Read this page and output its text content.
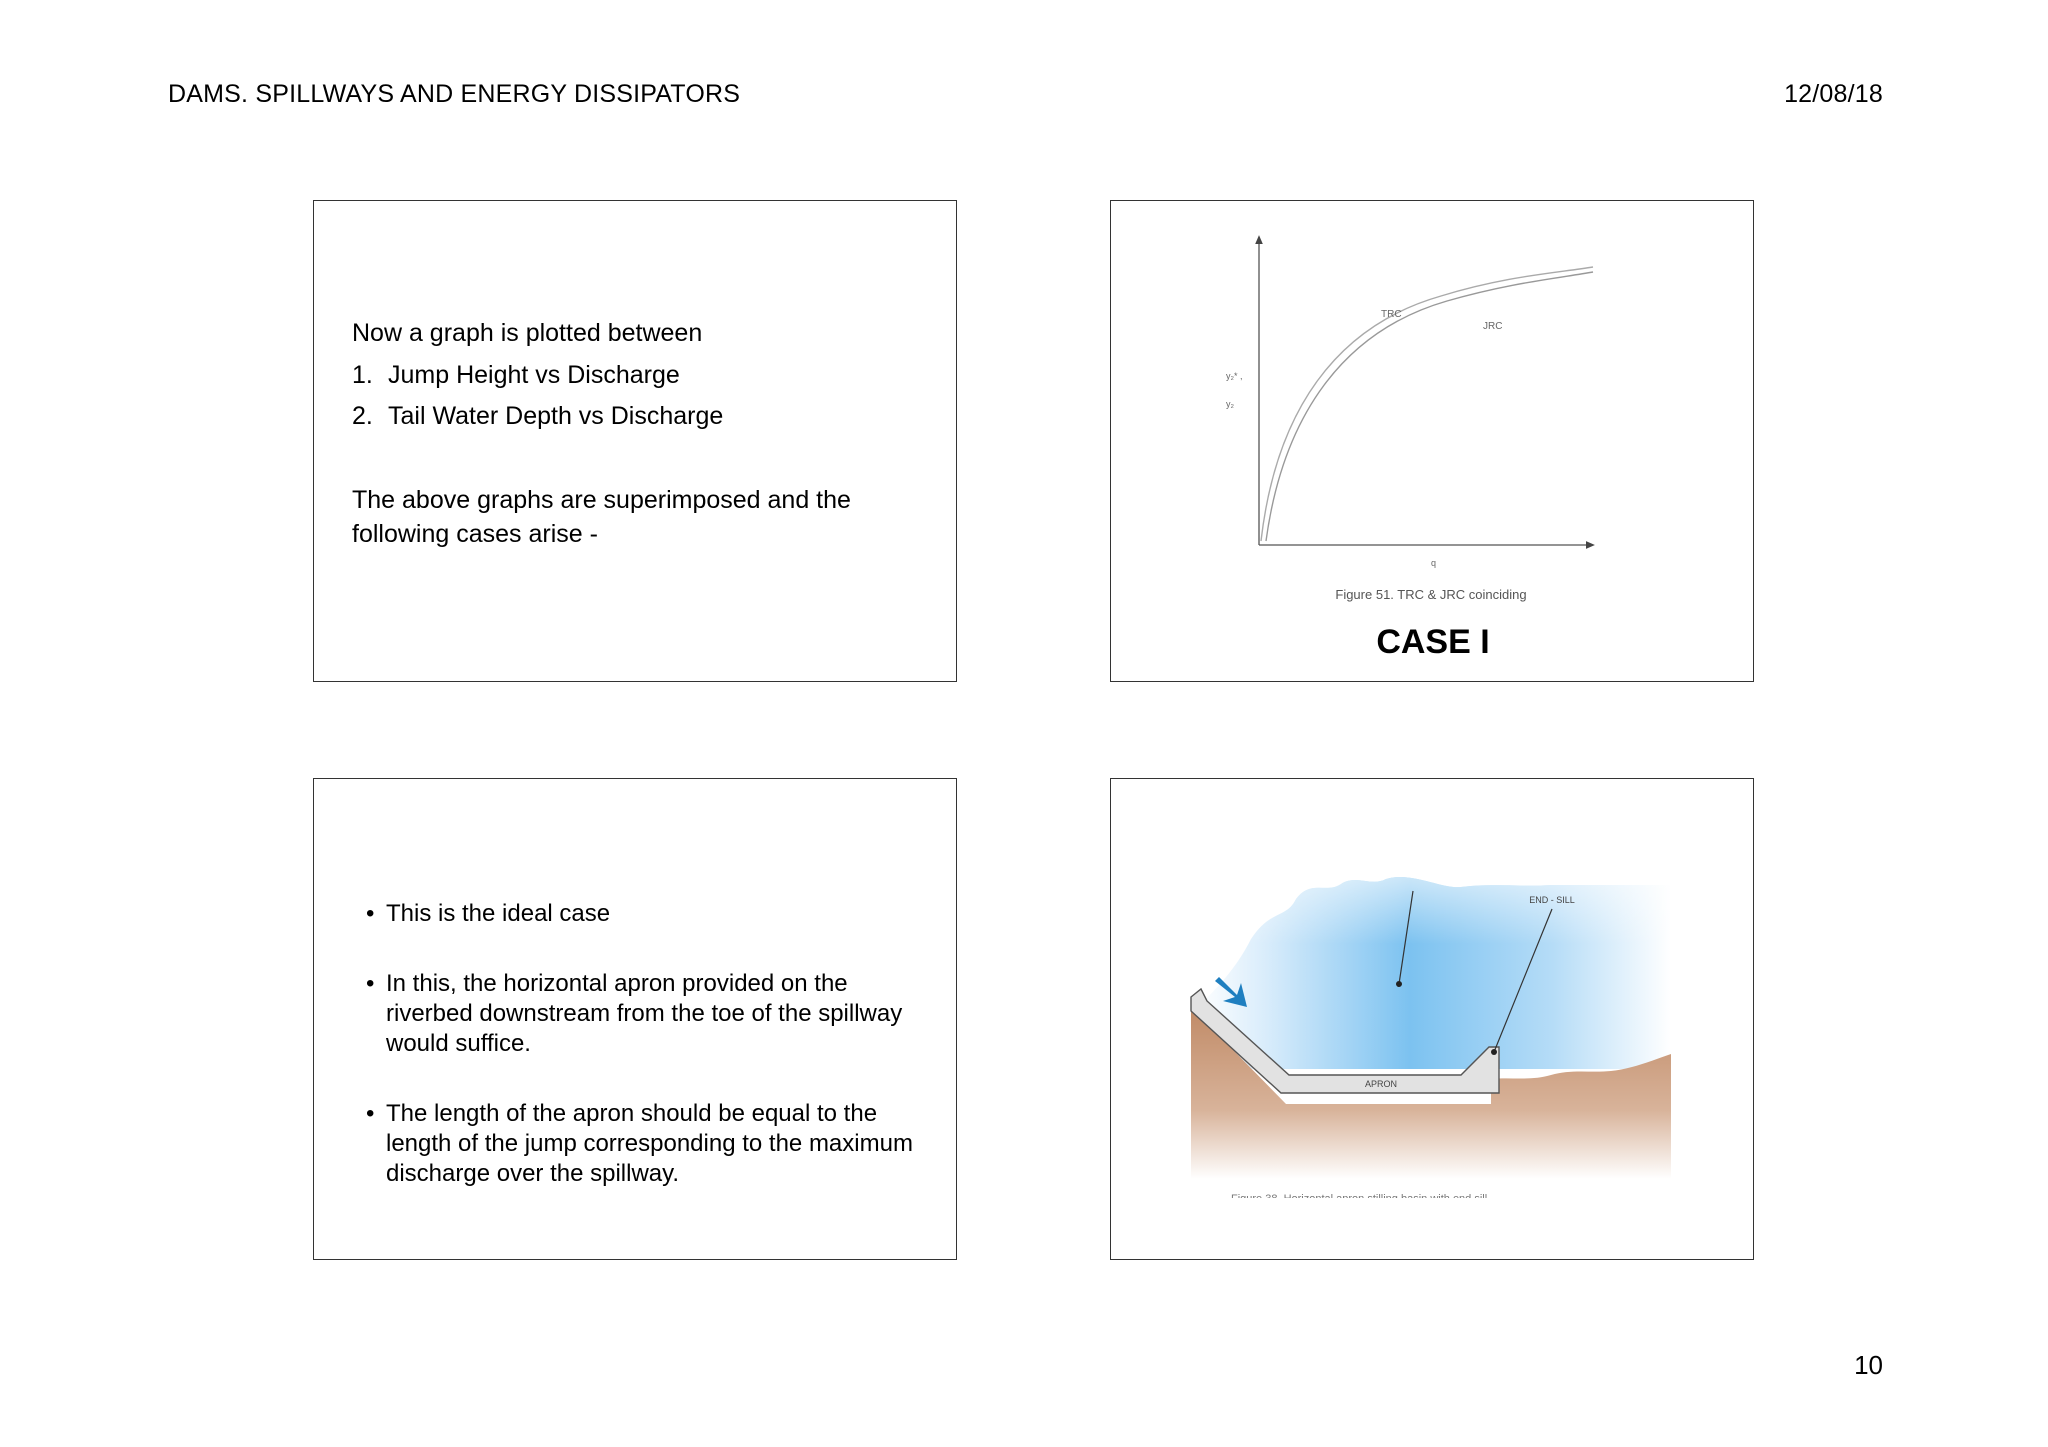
DAMS. SPILLWAYS AND ENERGY DISSIPATORS	12/08/18
Now a graph is plotted between
1. Jump Height vs Discharge
2. Tail Water Depth vs Discharge
The above graphs are superimposed and the following cases arise -
TRC
JRC
y₂* ,
y₂
q
Figure 51. TRC & JRC coinciding
CASE I
• This is the ideal case
• In this, the horizontal apron provided on the riverbed downstream from the toe of the spillway would suffice.
• The length of the apron should be equal to the length of the jump corresponding to the maximum discharge over the spillway.
END - SILL
APRON
Figure 38. Horizontal apron stilling basin with end sill
10
